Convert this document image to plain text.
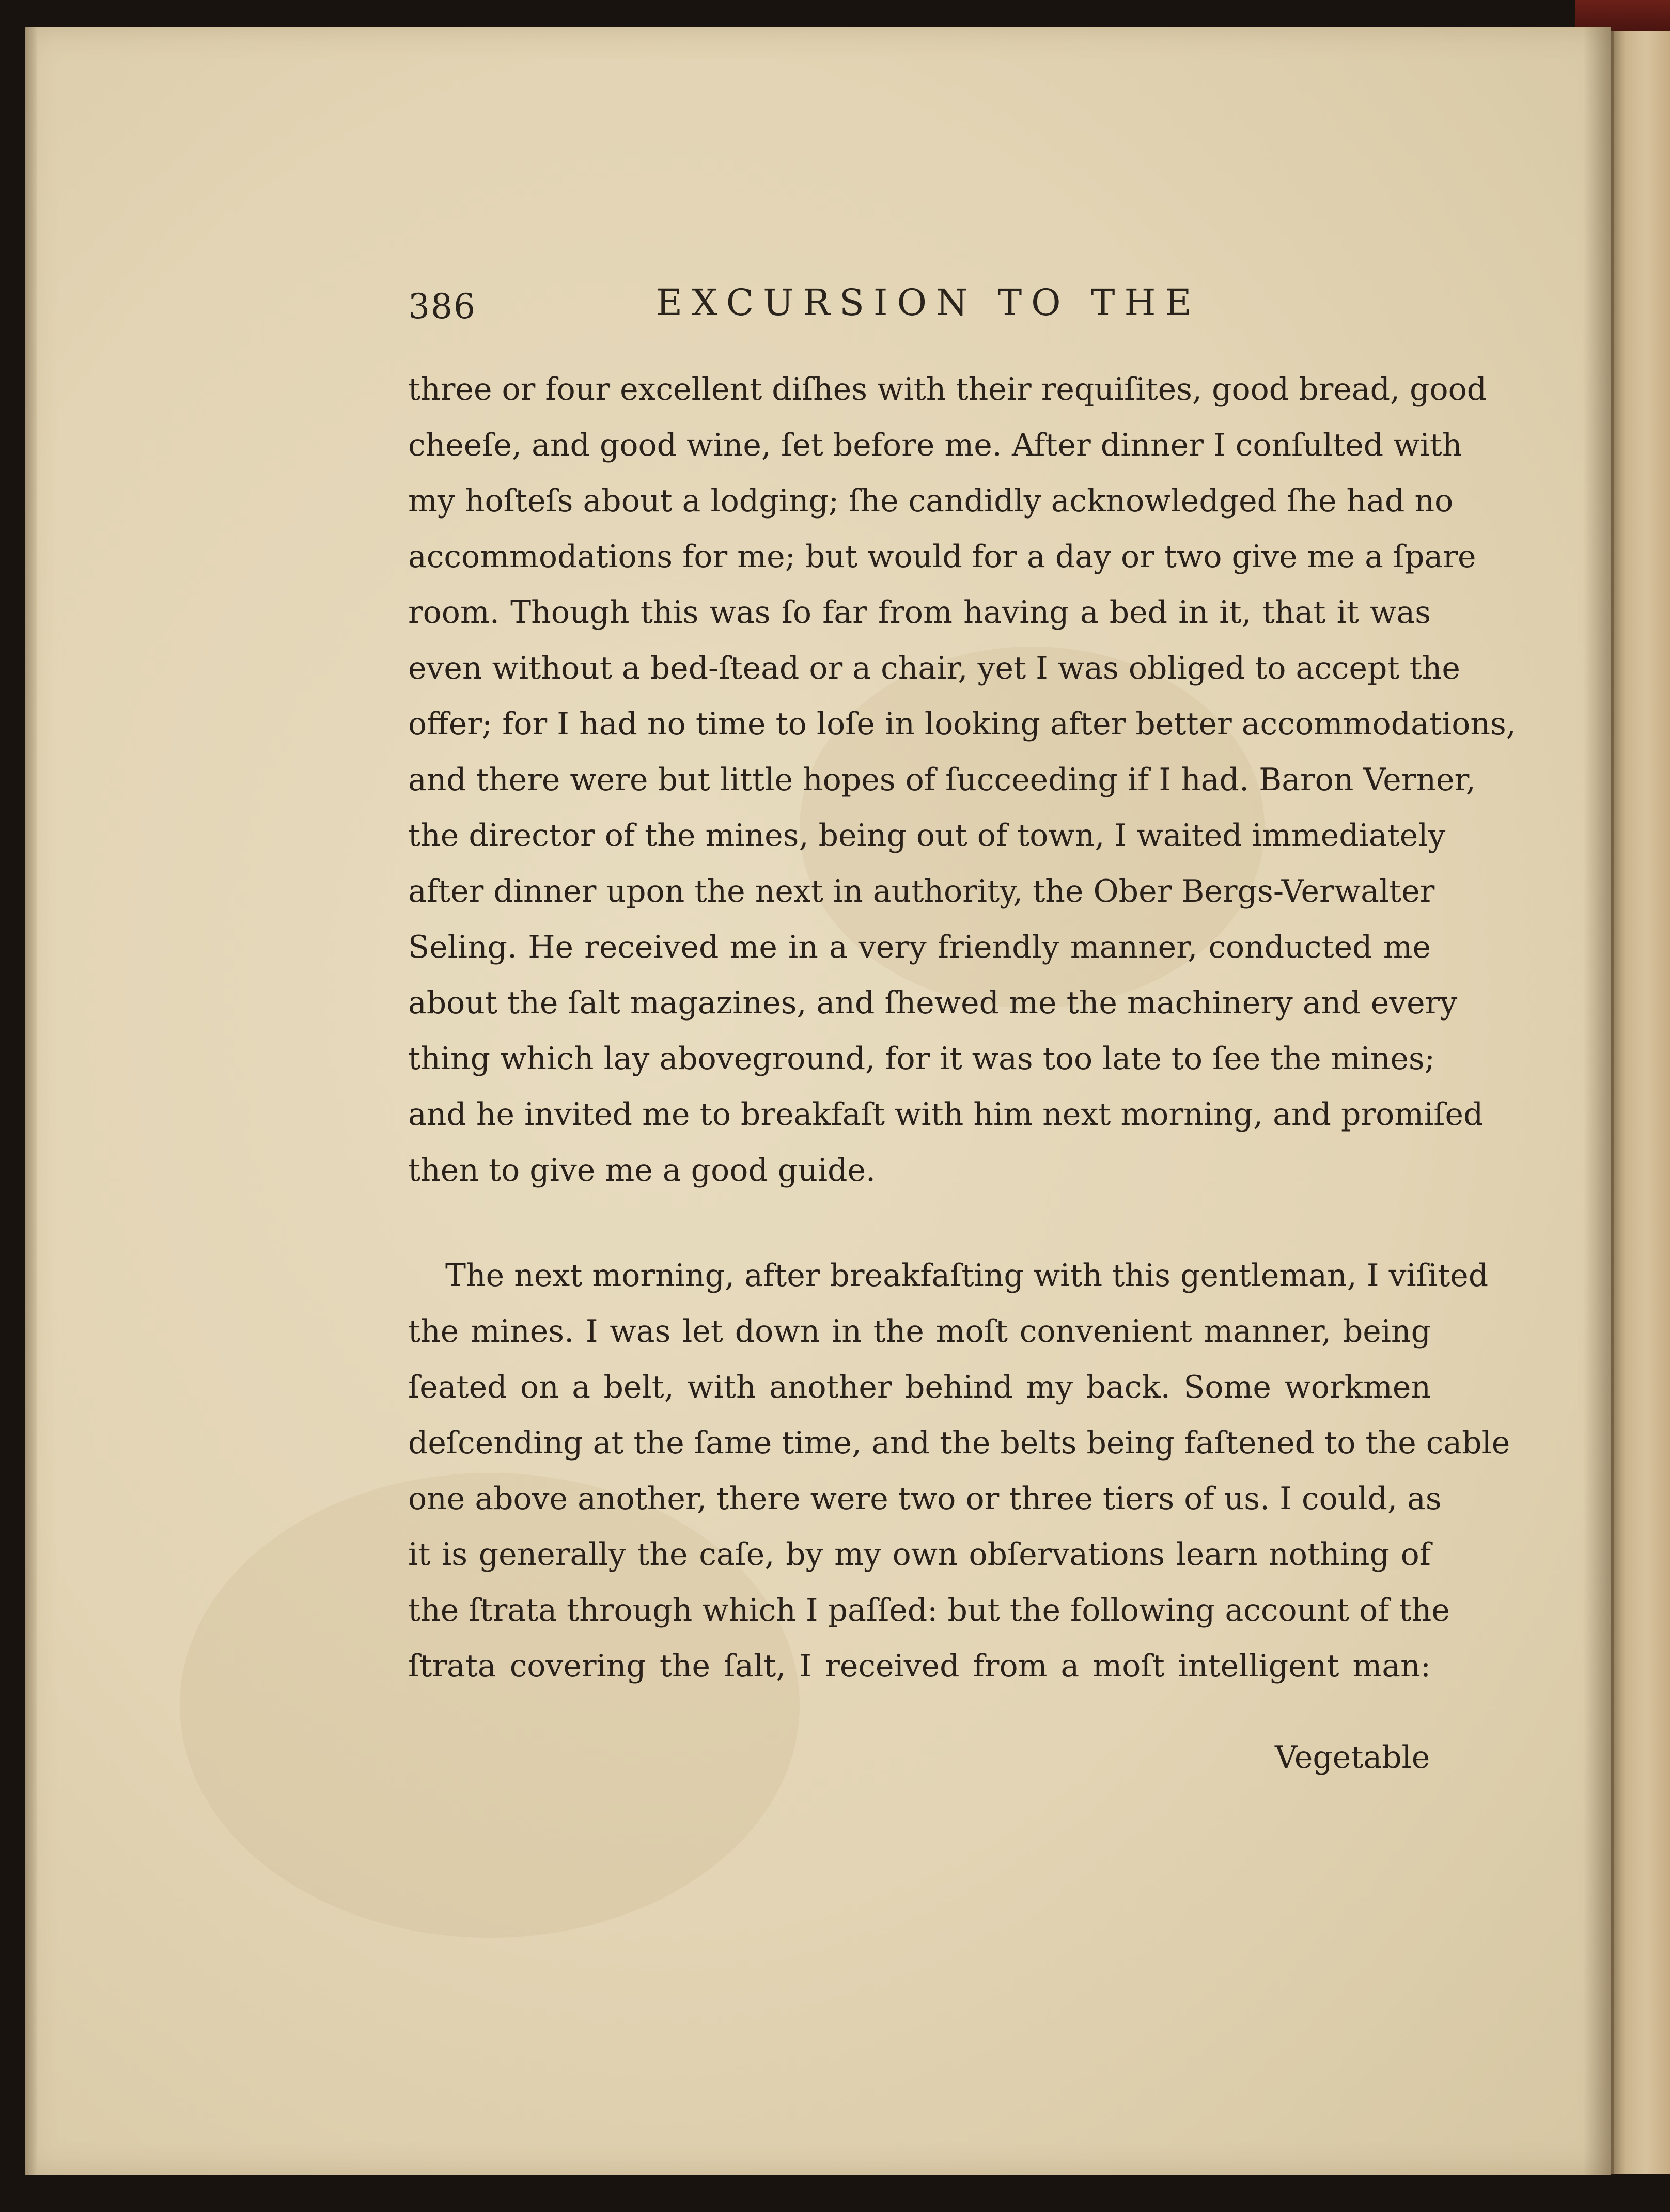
386	EXCURSION TO THE
three or four excellent diſhes with their requiſites, good bread, good
cheeſe, and good wine, ſet before me. After dinner I conſulted with
my hoſteſs about a lodging; ſhe candidly acknowledged ſhe had no
accommodations for me; but would for a day or two give me a ſpare
room. Though this was ſo far from having a bed in it, that it was
even without a bed-ſtead or a chair, yet I was obliged to accept the
offer; for I had no time to loſe in looking after better accommodations,
and there were but little hopes of ſucceeding if I had. Baron Verner,
the director of the mines, being out of town, I waited immediately
after dinner upon the next in authority, the Ober Bergs-Verwalter
Seling. He received me in a very friendly manner, conducted me
about the ſalt magazines, and ſhewed me the machinery and every
thing which lay aboveground, for it was too late to ſee the mines;
and he invited me to breakfaſt with him next morning, and promiſed
then to give me a good guide.
The next morning, after breakfaſting with this gentleman, I viſited
the mines. I was let down in the moſt convenient manner, being
ſeated on a belt, with another behind my back. Some workmen
deſcending at the ſame time, and the belts being faſtened to the cable
one above another, there were two or three tiers of us. I could, as
it is generally the caſe, by my own obſervations learn nothing of
the ſtrata through which I paſſed: but the following account of the
ſtrata covering the ſalt, I received from a moſt intelligent man:
Vegetable
